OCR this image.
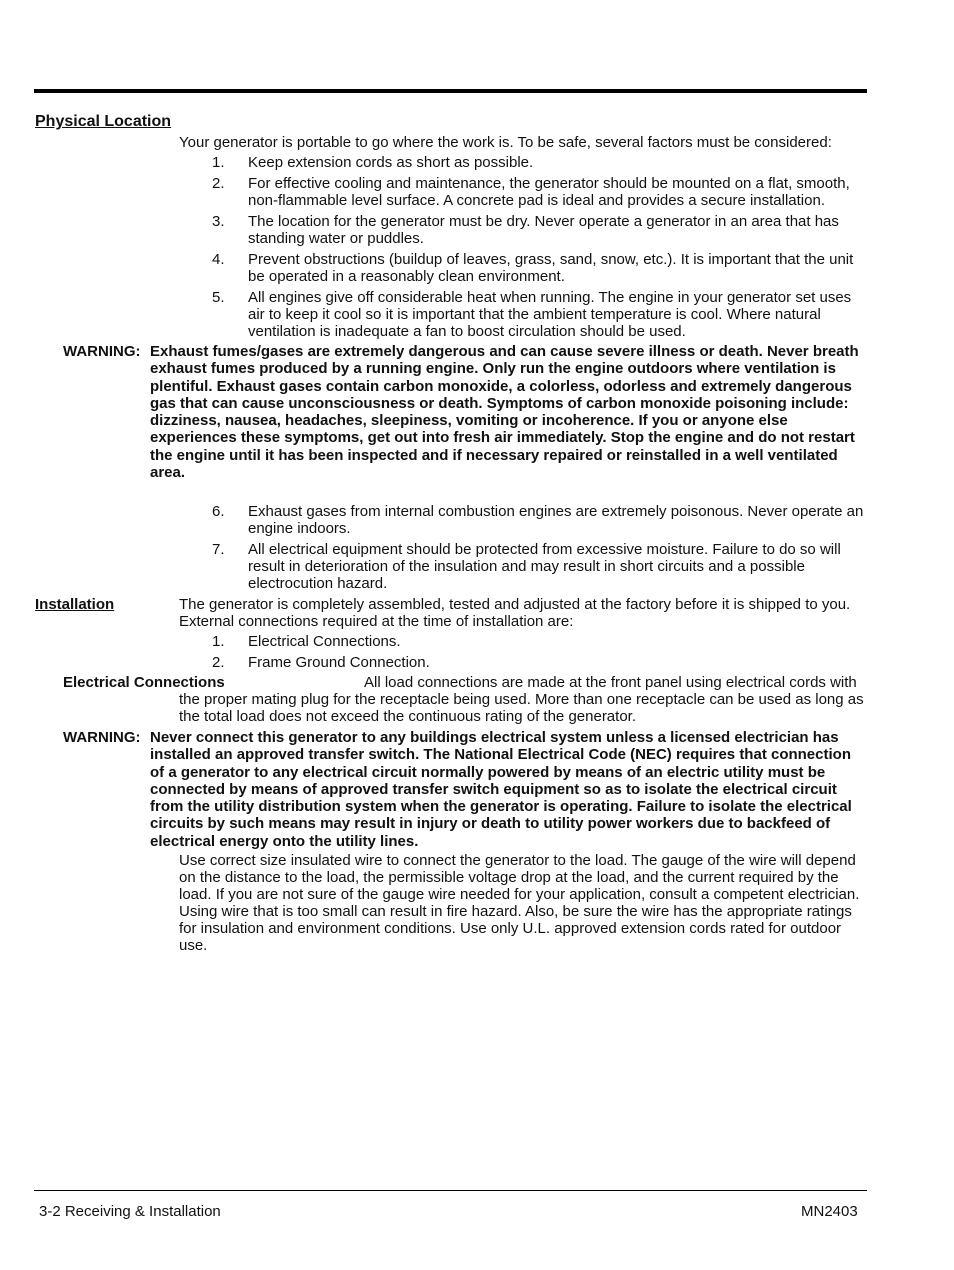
Physical Location
Your generator is portable to go where the work is. To be safe, several factors must be considered:
1. Keep extension cords as short as possible.
2. For effective cooling and maintenance, the generator should be mounted on a flat, smooth, non-flammable level surface. A concrete pad is ideal and provides a secure installation.
3. The location for the generator must be dry. Never operate a generator in an area that has standing water or puddles.
4. Prevent obstructions (buildup of leaves, grass, sand, snow, etc.). It is important that the unit be operated in a reasonably clean environment.
5. All engines give off considerable heat when running. The engine in your generator set uses air to keep it cool so it is important that the ambient temperature is cool. Where natural ventilation is inadequate a fan to boost circulation should be used.
WARNING: Exhaust fumes/gases are extremely dangerous and can cause severe illness or death. Never breath exhaust fumes produced by a running engine. Only run the engine outdoors where ventilation is plentiful. Exhaust gases contain carbon monoxide, a colorless, odorless and extremely dangerous gas that can cause unconsciousness or death. Symptoms of carbon monoxide poisoning include: dizziness, nausea, headaches, sleepiness, vomiting or incoherence. If you or anyone else experiences these symptoms, get out into fresh air immediately. Stop the engine and do not restart the engine until it has been inspected and if necessary repaired or reinstalled in a well ventilated area.
6. Exhaust gases from internal combustion engines are extremely poisonous. Never operate an engine indoors.
7. All electrical equipment should be protected from excessive moisture. Failure to do so will result in deterioration of the insulation and may result in short circuits and a possible electrocution hazard.
Installation	The generator is completely assembled, tested and adjusted at the factory before it is shipped to you. External connections required at the time of installation are:
1. Electrical Connections.
2. Frame Ground Connection.
Electrical Connections	All load connections are made at the front panel using electrical cords with the proper mating plug for the receptacle being used. More than one receptacle can be used as long as the total load does not exceed the continuous rating of the generator.
WARNING: Never connect this generator to any buildings electrical system unless a licensed electrician has installed an approved transfer switch. The National Electrical Code (NEC) requires that connection of a generator to any electrical circuit normally powered by means of an electric utility must be connected by means of approved transfer switch equipment so as to isolate the electrical circuit from the utility distribution system when the generator is operating. Failure to isolate the electrical circuits by such means may result in injury or death to utility power workers due to backfeed of electrical energy onto the utility lines.
Use correct size insulated wire to connect the generator to the load. The gauge of the wire will depend on the distance to the load, the permissible voltage drop at the load, and the current required by the load. If you are not sure of the gauge wire needed for your application, consult a competent electrician. Using wire that is too small can result in fire hazard. Also, be sure the wire has the appropriate ratings for insulation and environment conditions. Use only U.L. approved extension cords rated for outdoor use.
3-2 Receiving & Installation	MN2403
